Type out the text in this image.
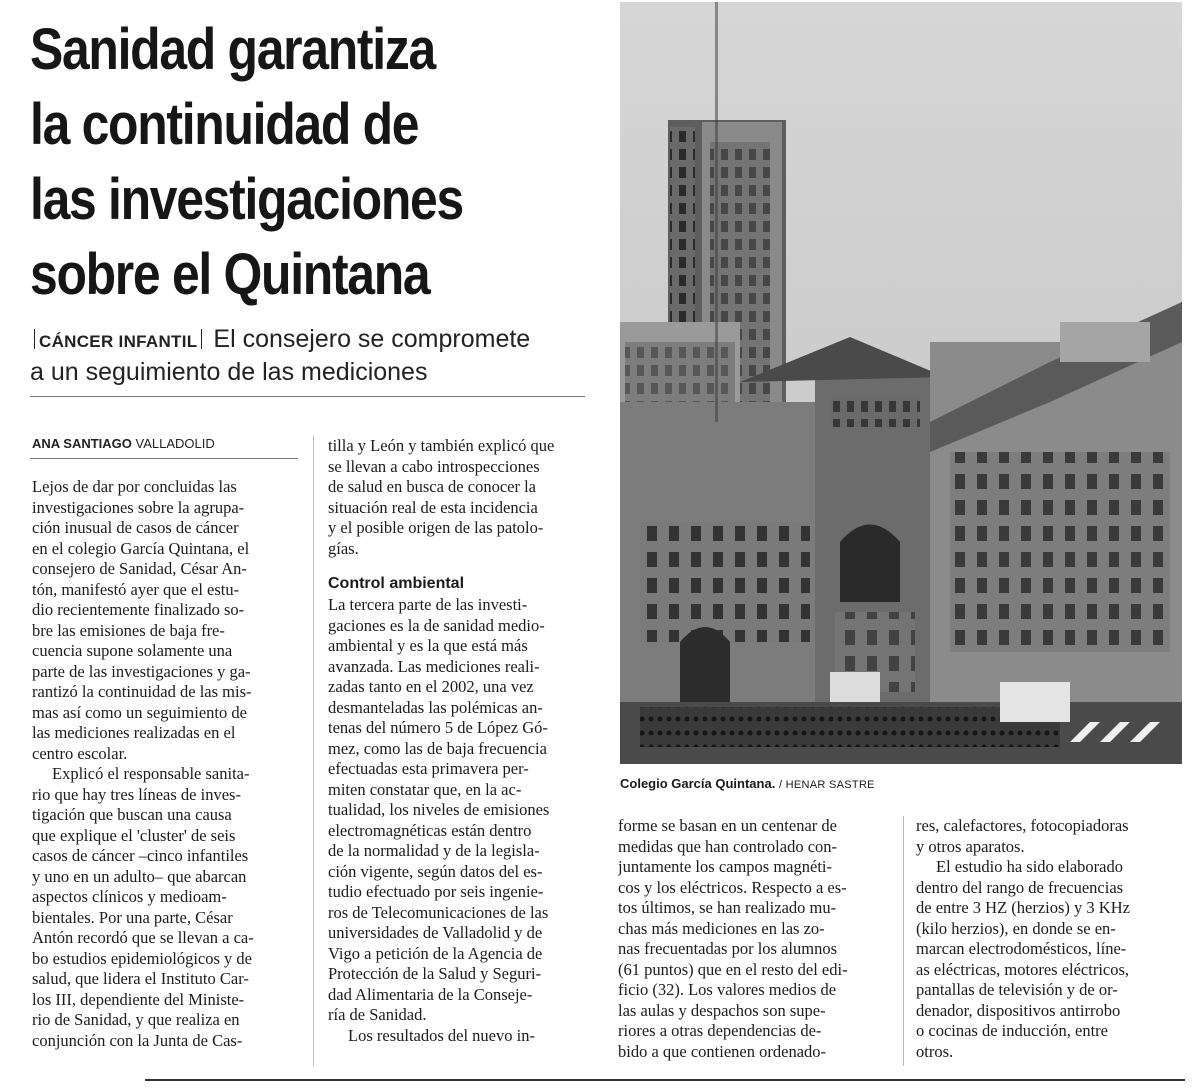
Sanidad garantiza
la continuidad de
las investigaciones
sobre el Quintana
CÁNCER INFANTIL El consejero se compromete
a un seguimiento de las mediciones
ANA SANTIAGO VALLADOLID
Lejos de dar por concluidas las
investigaciones sobre la agrupa-
ción inusual de casos de cáncer
en el colegio García Quintana, el
consejero de Sanidad, César An-
tón, manifestó ayer que el estu-
dio recientemente finalizado so-
bre las emisiones de baja fre-
cuencia supone solamente una
parte de las investigaciones y ga-
rantizó la continuidad de las mis-
mas así como un seguimiento de
las mediciones realizadas en el
centro escolar.
Explicó el responsable sanita-
rio que hay tres líneas de inves-
tigación que buscan una causa
que explique el 'cluster' de seis
casos de cáncer –cinco infantiles
y uno en un adulto– que abarcan
aspectos clínicos y medioam-
bientales. Por una parte, César
Antón recordó que se llevan a ca-
bo estudios epidemiológicos y de
salud, que lidera el Instituto Car-
los III, dependiente del Ministe-
rio de Sanidad, y que realiza en
conjunción con la Junta de Cas-
tilla y León y también explicó que
se llevan a cabo introspecciones
de salud en busca de conocer la
situación real de esta incidencia
y el posible origen de las patolo-
gías.
Control ambiental
La tercera parte de las investi-
gaciones es la de sanidad medio-
ambiental y es la que está más
avanzada. Las mediciones reali-
zadas tanto en el 2002, una vez
desmanteladas las polémicas an-
tenas del número 5 de López Gó-
mez, como las de baja frecuencia
efectuadas esta primavera per-
miten constatar que, en la ac-
tualidad, los niveles de emisiones
electromagnéticas están dentro
de la normalidad y de la legisla-
ción vigente, según datos del es-
tudio efectuado por seis ingenie-
ros de Telecomunicaciones de las
universidades de Valladolid y de
Vigo a petición de la Agencia de
Protección de la Salud y Seguri-
dad Alimentaria de la Conseje-
ría de Sanidad.
Los resultados del nuevo in-
Colegio García Quintana. / HENAR SASTRE
forme se basan en un centenar de
medidas que han controlado con-
juntamente los campos magnéti-
cos y los eléctricos. Respecto a es-
tos últimos, se han realizado mu-
chas más mediciones en las zo-
nas frecuentadas por los alumnos
(61 puntos) que en el resto del edi-
ficio (32). Los valores medios de
las aulas y despachos son supe-
riores a otras dependencias de-
bido a que contienen ordenado-
res, calefactores, fotocopiadoras
y otros aparatos.
El estudio ha sido elaborado
dentro del rango de frecuencias
de entre 3 HZ (herzios) y 3 KHz
(kilo herzios), en donde se en-
marcan electrodomésticos, líne-
as eléctricas, motores eléctricos,
pantallas de televisión y de or-
denador, dispositivos antirrobo
o cocinas de inducción, entre
otros.
